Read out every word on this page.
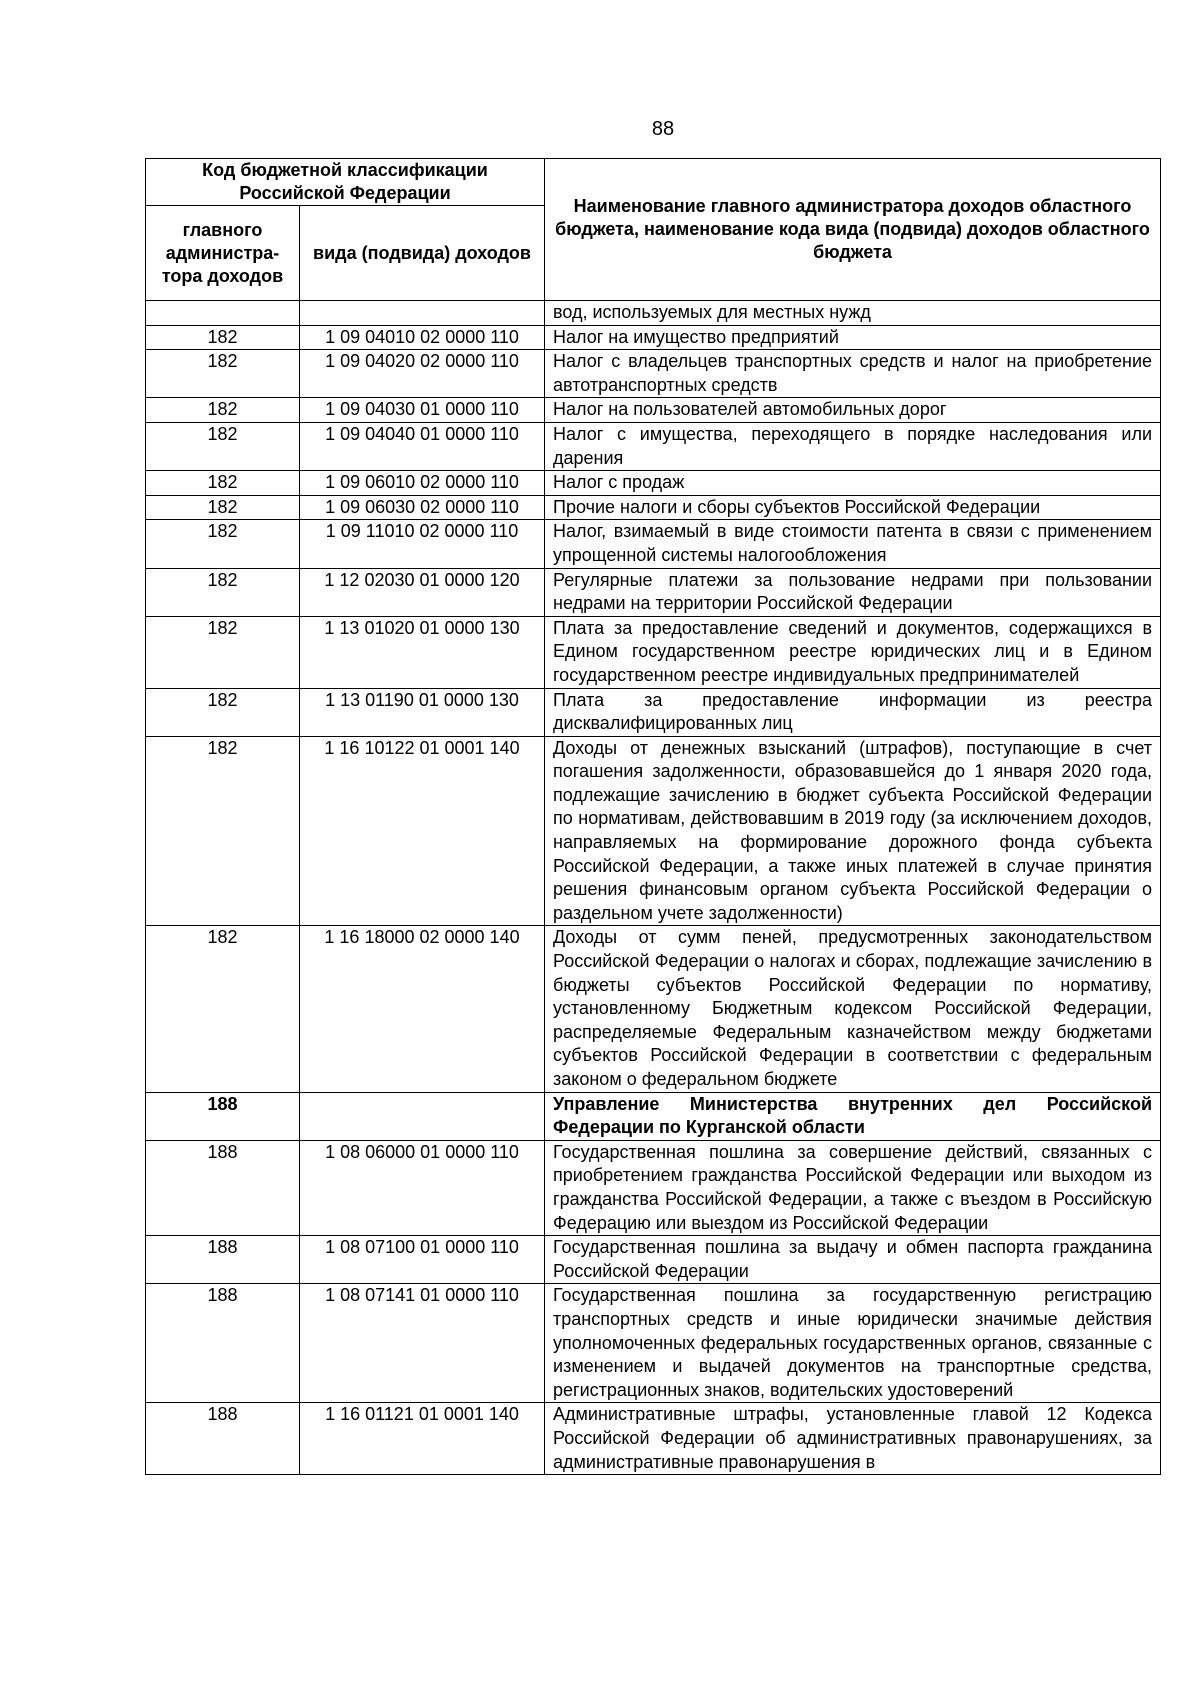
88
Код бюджетной классификации Российской Федерации		Наименование главного администратора доходов областного бюджета, наименование кода вида (подвида) доходов областного бюджета
главного администра-тора доходов	вида (подвида) доходов	
		вод, используемых для местных нужд
182	1 09 04010 02 0000 110	Налог на имущество предприятий
182	1 09 04020 02 0000 110	Налог с владельцев транспортных средств и налог на приобретение автотранспортных средств
182	1 09 04030 01 0000 110	Налог на пользователей автомобильных дорог
182	1 09 04040 01 0000 110	Налог с имущества, переходящего в порядке наследования или дарения
182	1 09 06010 02 0000 110	Налог с продаж
182	1 09 06030 02 0000 110	Прочие налоги и сборы субъектов Российской Федерации
182	1 09 11010 02 0000 110	Налог, взимаемый в виде стоимости патента в связи с применением упрощенной системы налогообложения
182	1 12 02030 01 0000 120	Регулярные платежи за пользование недрами при пользовании недрами на территории Российской Федерации
182	1 13 01020 01 0000 130	Плата за предоставление сведений и документов, содержащихся в Едином государственном реестре юридических лиц и в Едином государственном реестре индивидуальных предпринимателей
182	1 13 01190 01 0000 130	Плата за предоставление информации из реестра дисквалифицированных лиц
182	1 16 10122 01 0001 140	Доходы от денежных взысканий (штрафов), поступающие в счет погашения задолженности, образовавшейся до 1 января 2020 года, подлежащие зачислению в бюджет субъекта Российской Федерации по нормативам, действовавшим в 2019 году (за исключением доходов, направляемых на формирование дорожного фонда субъекта Российской Федерации, а также иных платежей в случае принятия решения финансовым органом субъекта Российской Федерации о раздельном учете задолженности)
182	1 16 18000 02 0000 140	Доходы от сумм пеней, предусмотренных законодательством Российской Федерации о налогах и сборах, подлежащие зачислению в бюджеты субъектов Российской Федерации по нормативу, установленному Бюджетным кодексом Российской Федерации, распределяемые Федеральным казначейством между бюджетами субъектов Российской Федерации в соответствии с федеральным законом о федеральном бюджете
188		Управление Министерства внутренних дел Российской Федерации по Курганской области
188	1 08 06000 01 0000 110	Государственная пошлина за совершение действий, связанных с приобретением гражданства Российской Федерации или выходом из гражданства Российской Федерации, а также с въездом в Российскую Федерацию или выездом из Российской Федерации
188	1 08 07100 01 0000 110	Государственная пошлина за выдачу и обмен паспорта гражданина Российской Федерации
188	1 08 07141 01 0000 110	Государственная пошлина за государственную регистрацию транспортных средств и иные юридически значимые действия уполномоченных федеральных государственных органов, связанные с изменением и выдачей документов на транспортные средства, регистрационных знаков, водительских удостоверений
188	1 16 01121 01 0001 140	Административные штрафы, установленные главой 12 Кодекса Российской Федерации об административных правонарушениях, за административные правонарушения в
